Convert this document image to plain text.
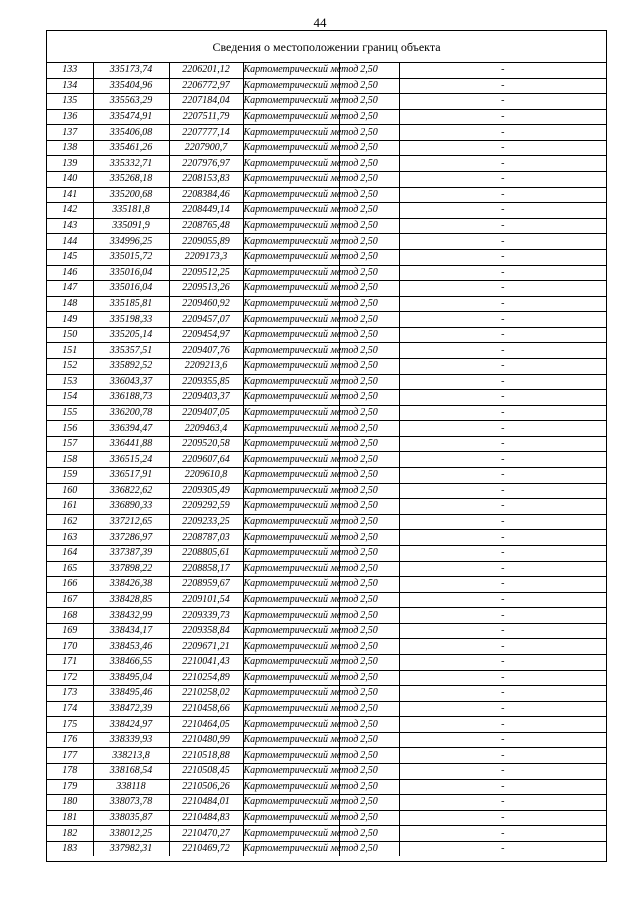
44
Сведения о местоположении границ объекта
133	335173,74	2206201,12	Картометрический метод	2,50	-
134	335404,96	2206772,97	Картометрический метод	2,50	-
135	335563,29	2207184,04	Картометрический метод	2,50	-
136	335474,91	2207511,79	Картометрический метод	2,50	-
137	335406,08	2207777,14	Картометрический метод	2,50	-
138	335461,26	2207900,7	Картометрический метод	2,50	-
139	335332,71	2207976,97	Картометрический метод	2,50	-
140	335268,18	2208153,83	Картометрический метод	2,50	-
141	335200,68	2208384,46	Картометрический метод	2,50	-
142	335181,8	2208449,14	Картометрический метод	2,50	-
143	335091,9	2208765,48	Картометрический метод	2,50	-
144	334996,25	2209055,89	Картометрический метод	2,50	-
145	335015,72	2209173,3	Картометрический метод	2,50	-
146	335016,04	2209512,25	Картометрический метод	2,50	-
147	335016,04	2209513,26	Картометрический метод	2,50	-
148	335185,81	2209460,92	Картометрический метод	2,50	-
149	335198,33	2209457,07	Картометрический метод	2,50	-
150	335205,14	2209454,97	Картометрический метод	2,50	-
151	335357,51	2209407,76	Картометрический метод	2,50	-
152	335892,52	2209213,6	Картометрический метод	2,50	-
153	336043,37	2209355,85	Картометрический метод	2,50	-
154	336188,73	2209403,37	Картометрический метод	2,50	-
155	336200,78	2209407,05	Картометрический метод	2,50	-
156	336394,47	2209463,4	Картометрический метод	2,50	-
157	336441,88	2209520,58	Картометрический метод	2,50	-
158	336515,24	2209607,64	Картометрический метод	2,50	-
159	336517,91	2209610,8	Картометрический метод	2,50	-
160	336822,62	2209305,49	Картометрический метод	2,50	-
161	336890,33	2209292,59	Картометрический метод	2,50	-
162	337212,65	2209233,25	Картометрический метод	2,50	-
163	337286,97	2208787,03	Картометрический метод	2,50	-
164	337387,39	2208805,61	Картометрический метод	2,50	-
165	337898,22	2208858,17	Картометрический метод	2,50	-
166	338426,38	2208959,67	Картометрический метод	2,50	-
167	338428,85	2209101,54	Картометрический метод	2,50	-
168	338432,99	2209339,73	Картометрический метод	2,50	-
169	338434,17	2209358,84	Картометрический метод	2,50	-
170	338453,46	2209671,21	Картометрический метод	2,50	-
171	338466,55	2210041,43	Картометрический метод	2,50	-
172	338495,04	2210254,89	Картометрический метод	2,50	-
173	338495,46	2210258,02	Картометрический метод	2,50	-
174	338472,39	2210458,66	Картометрический метод	2,50	-
175	338424,97	2210464,05	Картометрический метод	2,50	-
176	338339,93	2210480,99	Картометрический метод	2,50	-
177	338213,8	2210518,88	Картометрический метод	2,50	-
178	338168,54	2210508,45	Картометрический метод	2,50	-
179	338118	2210506,26	Картометрический метод	2,50	-
180	338073,78	2210484,01	Картометрический метод	2,50	-
181	338035,87	2210484,83	Картометрический метод	2,50	-
182	338012,25	2210470,27	Картометрический метод	2,50	-
183	337982,31	2210469,72	Картометрический метод	2,50	-
